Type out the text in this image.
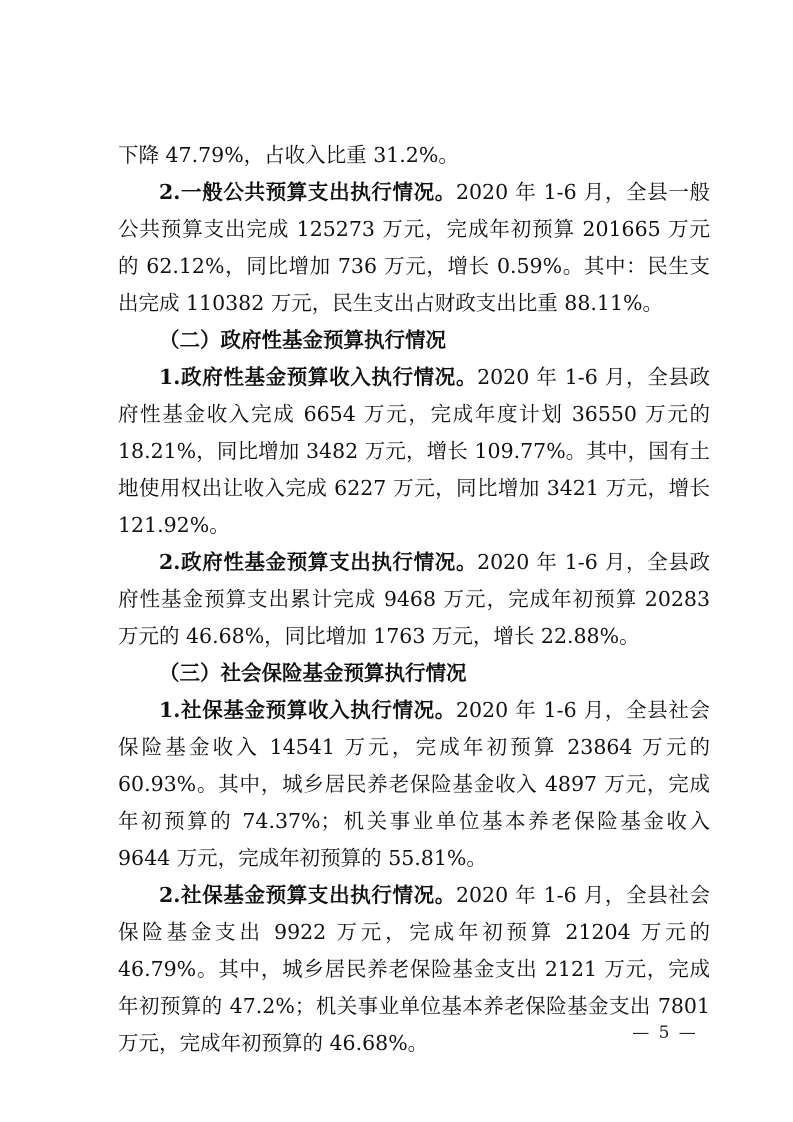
下降 47.79%，占收入比重 31.2%。

2.一般公共预算支出执行情况。2020 年 1-6 月，全县一般公共预算支出完成 125273 万元，完成年初预算 201665 万元的 62.12%，同比增加 736 万元，增长 0.59%。其中：民生支出完成 110382 万元，民生支出占财政支出比重 88.11%。

（二）政府性基金预算执行情况

1.政府性基金预算收入执行情况。2020 年 1-6 月，全县政府性基金收入完成 6654 万元，完成年度计划 36550 万元的 18.21%，同比增加 3482 万元，增长 109.77%。其中，国有土地使用权出让收入完成 6227 万元，同比增加 3421 万元，增长 121.92%。

2.政府性基金预算支出执行情况。2020 年 1-6 月，全县政府性基金预算支出累计完成 9468 万元，完成年初预算 20283 万元的 46.68%，同比增加 1763 万元，增长 22.88%。

（三）社会保险基金预算执行情况

1.社保基金预算收入执行情况。2020 年 1-6 月，全县社会保险基金收入 14541 万元，完成年初预算 23864 万元的 60.93%。其中，城乡居民养老保险基金收入 4897 万元，完成年初预算的 74.37%；机关事业单位基本养老保险基金收入 9644 万元，完成年初预算的 55.81%。

2.社保基金预算支出执行情况。2020 年 1-6 月，全县社会保险基金支出 9922 万元，完成年初预算 21204 万元的 46.79%。其中，城乡居民养老保险基金支出 2121 万元，完成年初预算的 47.2%；机关事业单位基本养老保险基金支出 7801 万元，完成年初预算的 46.68%。	— 5 —
